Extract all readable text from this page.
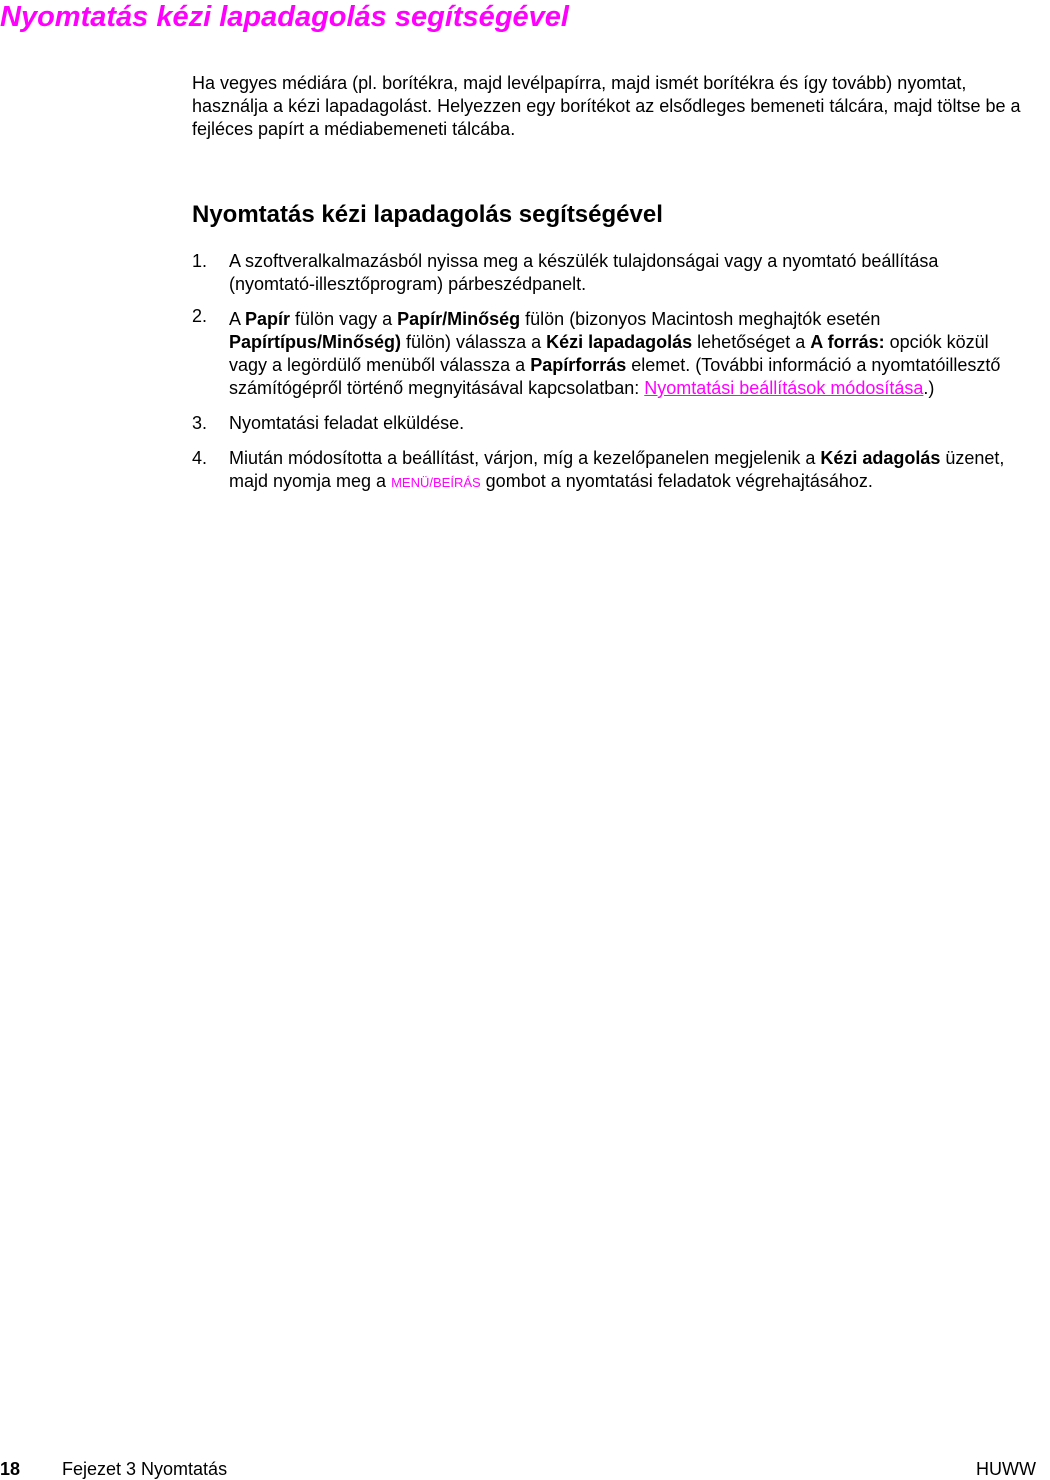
Nyomtatás kézi lapadagolás segítségével

Ha vegyes médiára (pl. borítékra, majd levélpapírra, majd ismét borítékra és így tovább) nyomtat, használja a kézi lapadagolást. Helyezzen egy borítékot az elsődleges bemeneti tálcára, majd töltse be a fejléces papírt a médiabemeneti tálcába.

Nyomtatás kézi lapadagolás segítségével
1. A szoftveralkalmazásból nyissa meg a készülék tulajdonságai vagy a nyomtató beállítása (nyomtató-illesztőprogram) párbeszédpanelt.
2. A Papír fülön vagy a Papír/Minőség fülön (bizonyos Macintosh meghajtók esetén Papírtípus/Minőség) fülön) válassza a Kézi lapadagolás lehetőséget a A forrás: opciók közül vagy a legördülő menüből válassza a Papírforrás elemet. (További információ a nyomtatóillesztő számítógépről történő megnyitásával kapcsolatban: Nyomtatási beállítások módosítása.)
3. Nyomtatási feladat elküldése.
4. Miután módosította a beállítást, várjon, míg a kezelőpanelen megjelenik a Kézi adagolás üzenet, majd nyomja meg a MENÜ/BEÍRÁS gombot a nyomtatási feladatok végrehajtásához.
18 Fejezet 3 Nyomtatás	HUWW
